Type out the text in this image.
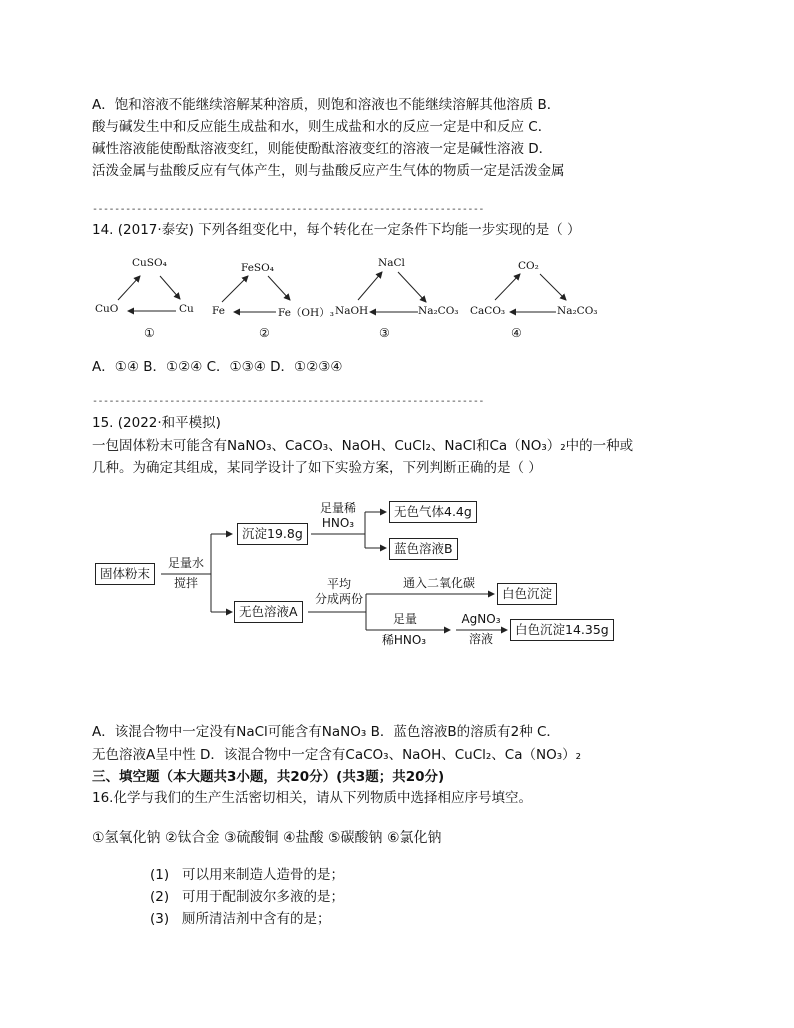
A．饱和溶液不能继续溶解某种溶质，则饱和溶液也不能继续溶解其他溶质 B．
酸与碱发生中和反应能生成盐和水，则生成盐和水的反应一定是中和反应 C．
碱性溶液能使酚酞溶液变红，则能使酚酞溶液变红的溶液一定是碱性溶液 D．
活泼金属与盐酸反应有气体产生，则与盐酸反应产生气体的物质一定是活泼金属
-----------------------------------------------------------------------
14. (2017·泰安) 下列各组变化中，每个转化在一定条件下均能一步实现的是（ ）
CuSO₄
CuO	Cu
①
FeSO₄
Fe	Fe（OH）₃
②
NaCl
NaOH	Na₂CO₃
③
CO₂
CaCO₃	Na₂CO₃
④
A．①④ B．①②④ C．①③④ D．①②③④
-----------------------------------------------------------------------
15. (2022·和平模拟)
一包固体粉末可能含有NaNO₃、CaCO₃、NaOH、CuCl₂、NaCl和Ca（NO₃）₂中的一种或
几种。为确定其组成，某同学设计了如下实验方案，下列判断正确的是（ ）
固体粉末
足量水
搅拌
沉淀19.8g
足量稀
HNO₃
无色气体4.4g
蓝色溶液B
无色溶液A
平均
分成两份
通入二氧化碳
白色沉淀
足量
稀HNO₃
AgNO₃
溶液
白色沉淀14.35g
A．该混合物中一定没有NaCl可能含有NaNO₃ B．蓝色溶液B的溶质有2种 C．
无色溶液A呈中性 D．该混合物中一定含有CaCO₃、NaOH、CuCl₂、Ca（NO₃）₂
三、填空题（本大题共3小题，共20分）(共3题；共20分)
16.化学与我们的生产生活密切相关，请从下列物质中选择相应序号填空。
①氢氧化钠 ②钛合金 ③硫酸铜 ④盐酸 ⑤碳酸钠 ⑥氯化钠
(1) 可以用来制造人造骨的是；
(2) 可用于配制波尔多液的是；
(3) 厕所清洁剂中含有的是；
